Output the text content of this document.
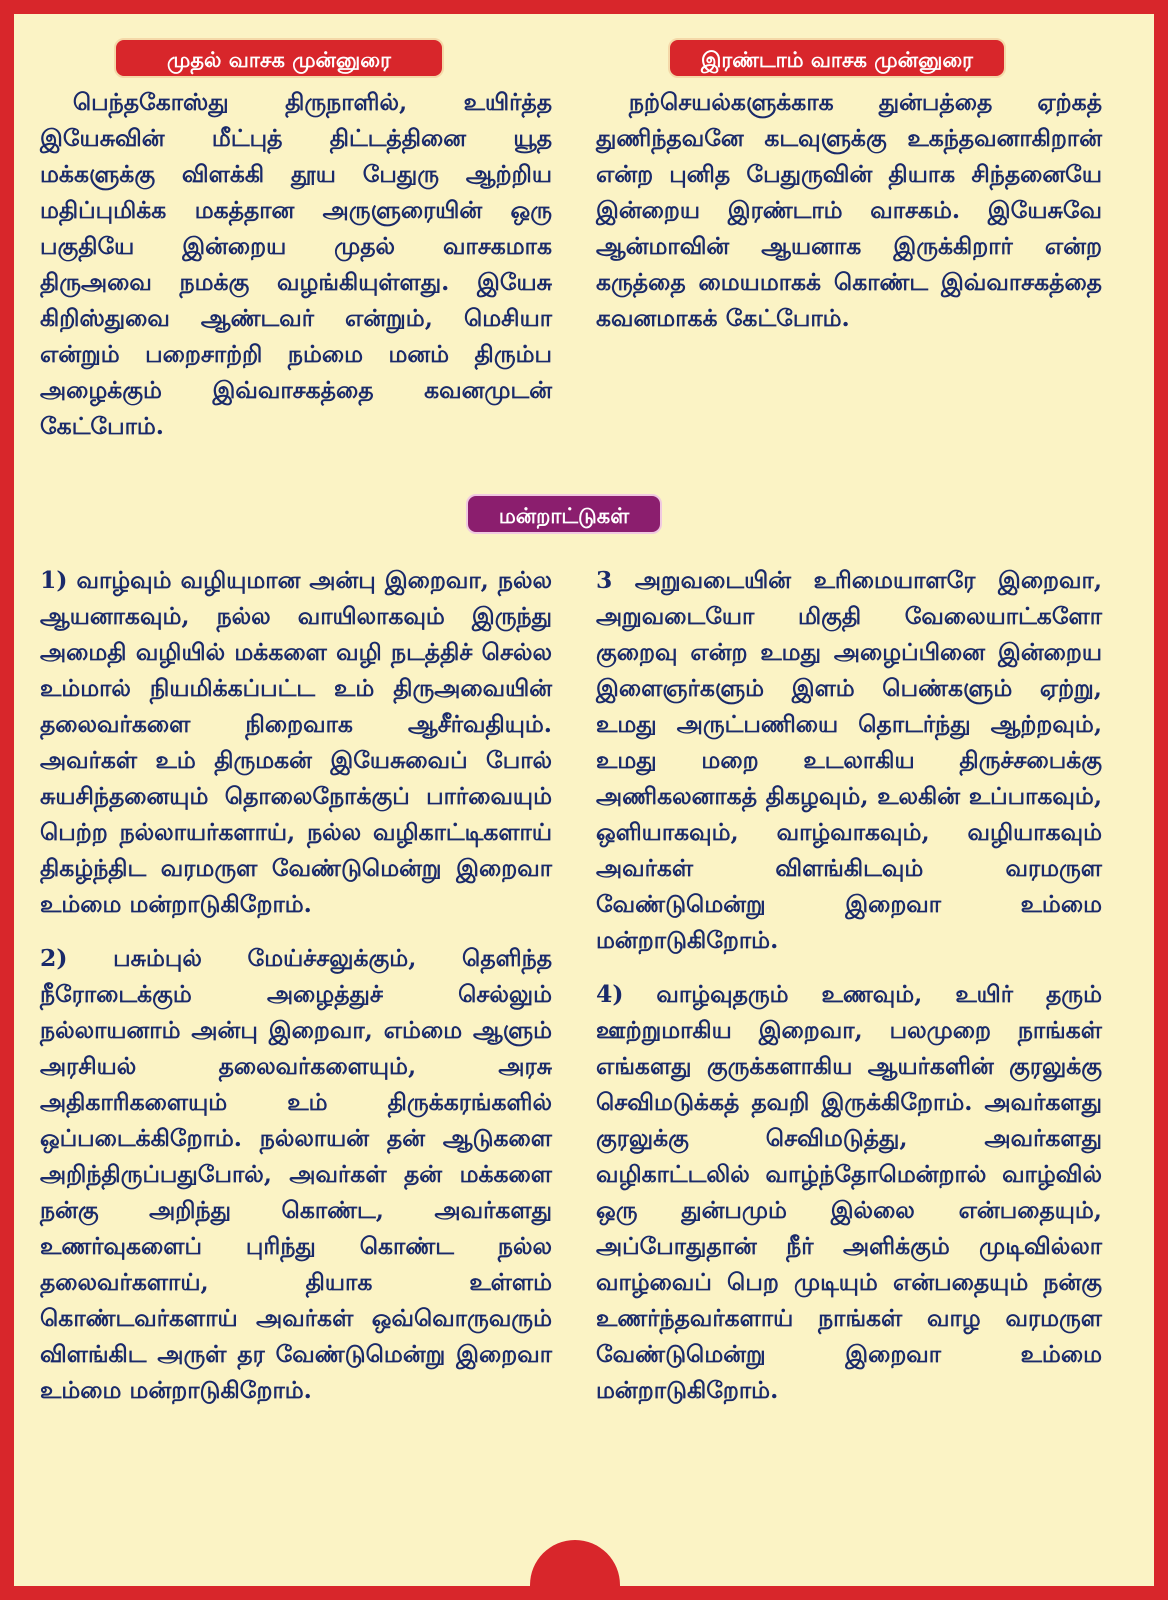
முதல் வாசக முன்னுரை	இரண்டாம் வாசக முன்னுரை

பெந்தகோஸ்து திருநாளில், உயிர்த்த இயேசுவின் மீட்புத் திட்டத்தினை யூத மக்களுக்கு விளக்கி தூய பேதுரு ஆற்றிய மதிப்புமிக்க மகத்தான அருளுரையின் ஒரு பகுதியே இன்றைய முதல் வாசகமாக திருஅவை நமக்கு வழங்கியுள்ளது. இயேசு கிறிஸ்துவை ஆண்டவர் என்றும், மெசியா என்றும் பறைசாற்றி நம்மை மனம் திரும்ப அழைக்கும் இவ்வாசகத்தை கவனமுடன் கேட்போம்.

நற்செயல்களுக்காக துன்பத்தை ஏற்கத் துணிந்தவனே கடவுளுக்கு உகந்தவனாகிறான் என்ற புனித பேதுருவின் தியாக சிந்தனையே இன்றைய இரண்டாம் வாசகம். இயேசுவே ஆன்மாவின் ஆயனாக இருக்கிறார் என்ற கருத்தை மையமாகக் கொண்ட இவ்வாசகத்தை கவனமாகக் கேட்போம்.

மன்றாட்டுகள்

1) வாழ்வும் வழியுமான அன்பு இறைவா, நல்ல ஆயனாகவும், நல்ல வாயிலாகவும் இருந்து அமைதி வழியில் மக்களை வழி நடத்திச் செல்ல உம்மால் நியமிக்கப்பட்ட உம் திருஅவையின் தலைவர்களை நிறைவாக ஆசீர்வதியும். அவர்கள் உம் திருமகன் இயேசுவைப் போல் சுயசிந்தனையும் தொலைநோக்குப் பார்வையும் பெற்ற நல்லாயர்களாய், நல்ல வழிகாட்டிகளாய் திகழ்ந்திட வரமருள வேண்டுமென்று இறைவா உம்மை மன்றாடுகிறோம்.

2) பசும்புல் மேய்ச்சலுக்கும், தெளிந்த நீரோடைக்கும் அழைத்துச் செல்லும் நல்லாயனாம் அன்பு இறைவா, எம்மை ஆளும் அரசியல் தலைவர்களையும், அரசு அதிகாரிகளையும் உம் திருக்கரங்களில் ஒப்படைக்கிறோம். நல்லாயன் தன் ஆடுகளை அறிந்திருப்பதுபோல், அவர்கள் தன் மக்களை நன்கு அறிந்து கொண்ட, அவர்களது உணர்வுகளைப் புரிந்து கொண்ட நல்ல தலைவர்களாய், தியாக உள்ளம் கொண்டவர்களாய் அவர்கள் ஒவ்வொருவரும் விளங்கிட அருள் தர வேண்டுமென்று இறைவா உம்மை மன்றாடுகிறோம்.

3 அறுவடையின் உரிமையாளரே இறைவா, அறுவடையோ மிகுதி வேலையாட்களோ குறைவு என்ற உமது அழைப்பினை இன்றைய இளைஞர்களும் இளம் பெண்களும் ஏற்று, உமது அருட்பணியை தொடர்ந்து ஆற்றவும், உமது மறை உடலாகிய திருச்சபைக்கு அணிகலனாகத் திகழவும், உலகின் உப்பாகவும், ஒளியாகவும், வாழ்வாகவும், வழியாகவும் அவர்கள் விளங்கிடவும் வரமருள வேண்டுமென்று இறைவா உம்மை மன்றாடுகிறோம்.

4) வாழ்வுதரும் உணவும், உயிர் தரும் ஊற்றுமாகிய இறைவா, பலமுறை நாங்கள் எங்களது குருக்களாகிய ஆயர்களின் குரலுக்கு செவிமடுக்கத் தவறி இருக்கிறோம். அவர்களது குரலுக்கு செவிமடுத்து, அவர்களது வழிகாட்டலில் வாழ்ந்தோமென்றால் வாழ்வில் ஒரு துன்பமும் இல்லை என்பதையும், அப்போதுதான் நீர் அளிக்கும் முடிவில்லா வாழ்வைப் பெற முடியும் என்பதையும் நன்கு உணர்ந்தவர்களாய் நாங்கள் வாழ வரமருள வேண்டுமென்று இறைவா உம்மை மன்றாடுகிறோம்.
